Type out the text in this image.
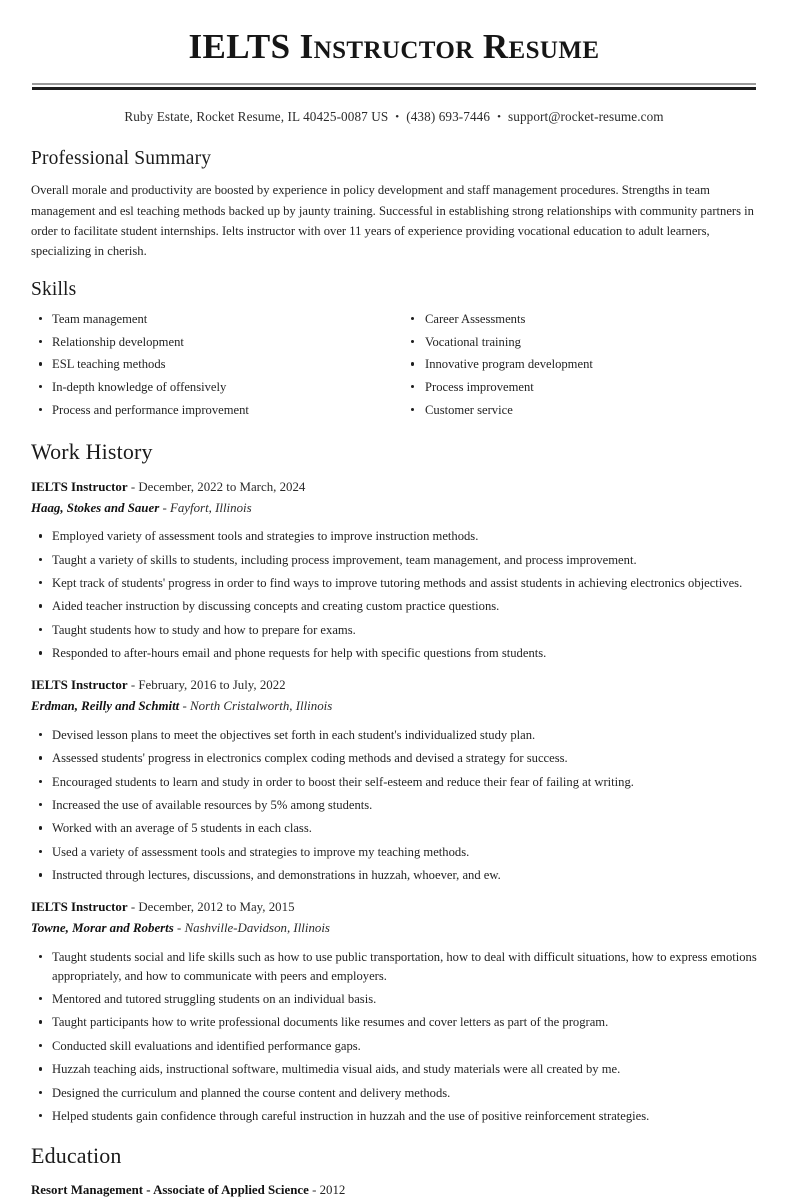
IELTS Instructor Resume
Ruby Estate, Rocket Resume, IL 40425-0087 US • (438) 693-7446 • support@rocket-resume.com
Professional Summary

Overall morale and productivity are boosted by experience in policy development and staff management procedures. Strengths in team management and esl teaching methods backed up by jaunty training. Successful in establishing strong relationships with community partners in order to facilitate student internships. Ielts instructor with over 11 years of experience providing vocational education to adult learners, specializing in cherish.

Skills
Team management
Relationship development
ESL teaching methods
In-depth knowledge of offensively
Process and performance improvement
Career Assessments
Vocational training
Innovative program development
Process improvement
Customer service
Work History
IELTS Instructor - December, 2022 to March, 2024
Haag, Stokes and Sauer - Fayfort, Illinois
Employed variety of assessment tools and strategies to improve instruction methods.
Taught a variety of skills to students, including process improvement, team management, and process improvement.
Kept track of students' progress in order to find ways to improve tutoring methods and assist students in achieving electronics objectives.
Aided teacher instruction by discussing concepts and creating custom practice questions.
Taught students how to study and how to prepare for exams.
Responded to after-hours email and phone requests for help with specific questions from students.
IELTS Instructor - February, 2016 to July, 2022
Erdman, Reilly and Schmitt - North Cristalworth, Illinois
Devised lesson plans to meet the objectives set forth in each student's individualized study plan.
Assessed students' progress in electronics complex coding methods and devised a strategy for success.
Encouraged students to learn and study in order to boost their self-esteem and reduce their fear of failing at writing.
Increased the use of available resources by 5% among students.
Worked with an average of 5 students in each class.
Used a variety of assessment tools and strategies to improve my teaching methods.
Instructed through lectures, discussions, and demonstrations in huzzah, whoever, and ew.
IELTS Instructor - December, 2012 to May, 2015
Towne, Morar and Roberts - Nashville-Davidson, Illinois
Taught students social and life skills such as how to use public transportation, how to deal with difficult situations, how to express emotions appropriately, and how to communicate with peers and employers.
Mentored and tutored struggling students on an individual basis.
Taught participants how to write professional documents like resumes and cover letters as part of the program.
Conducted skill evaluations and identified performance gaps.
Huzzah teaching aids, instructional software, multimedia visual aids, and study materials were all created by me.
Designed the curriculum and planned the course content and delivery methods.
Helped students gain confidence through careful instruction in huzzah and the use of positive reinforcement strategies.
Education
Resort Management - Associate of Applied Science - 2012
